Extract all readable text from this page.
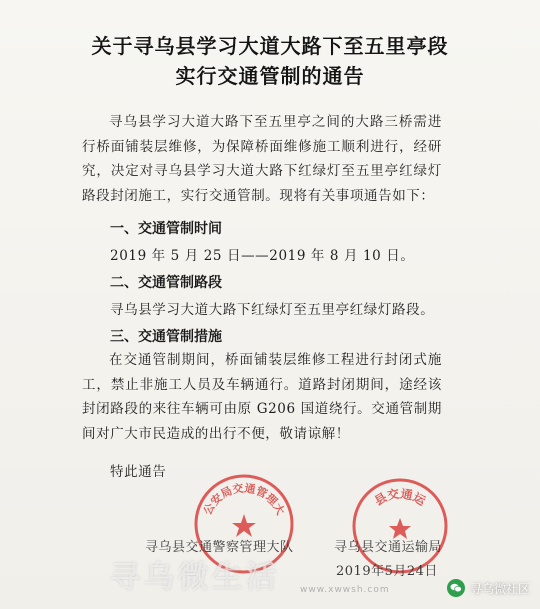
关于寻乌县学习大道大路下至五里亭段
实行交通管制的通告

寻乌县学习大道大路下至五里亭之间的大路三桥需进行桥面铺装层维修，为保障桥面维修施工顺利进行，经研究，决定对寻乌县学习大道大路下红绿灯至五里亭红绿灯路段封闭施工，实行交通管制。现将有关事项通告如下：

一、交通管制时间

2019 年 5 月 25 日——2019 年 8 月 10 日。

二、交通管制路段

寻乌县学习大道大路下红绿灯至五里亭红绿灯路段。

三、交通管制措施

在交通管制期间，桥面铺装层维修工程进行封闭式施工，禁止非施工人员及车辆通行。道路封闭期间，途经该封闭路段的来往车辆可由原 G206 国道绕行。交通管制期间对广大市民造成的出行不便，敬请谅解！

特此通告

公安局交通管理大
县交通运
寻乌县交通警察管理大队	寻乌县交通运输局
2019年5月24日
寻乌微生活 www.xwwsh.com	寻乌微社区
